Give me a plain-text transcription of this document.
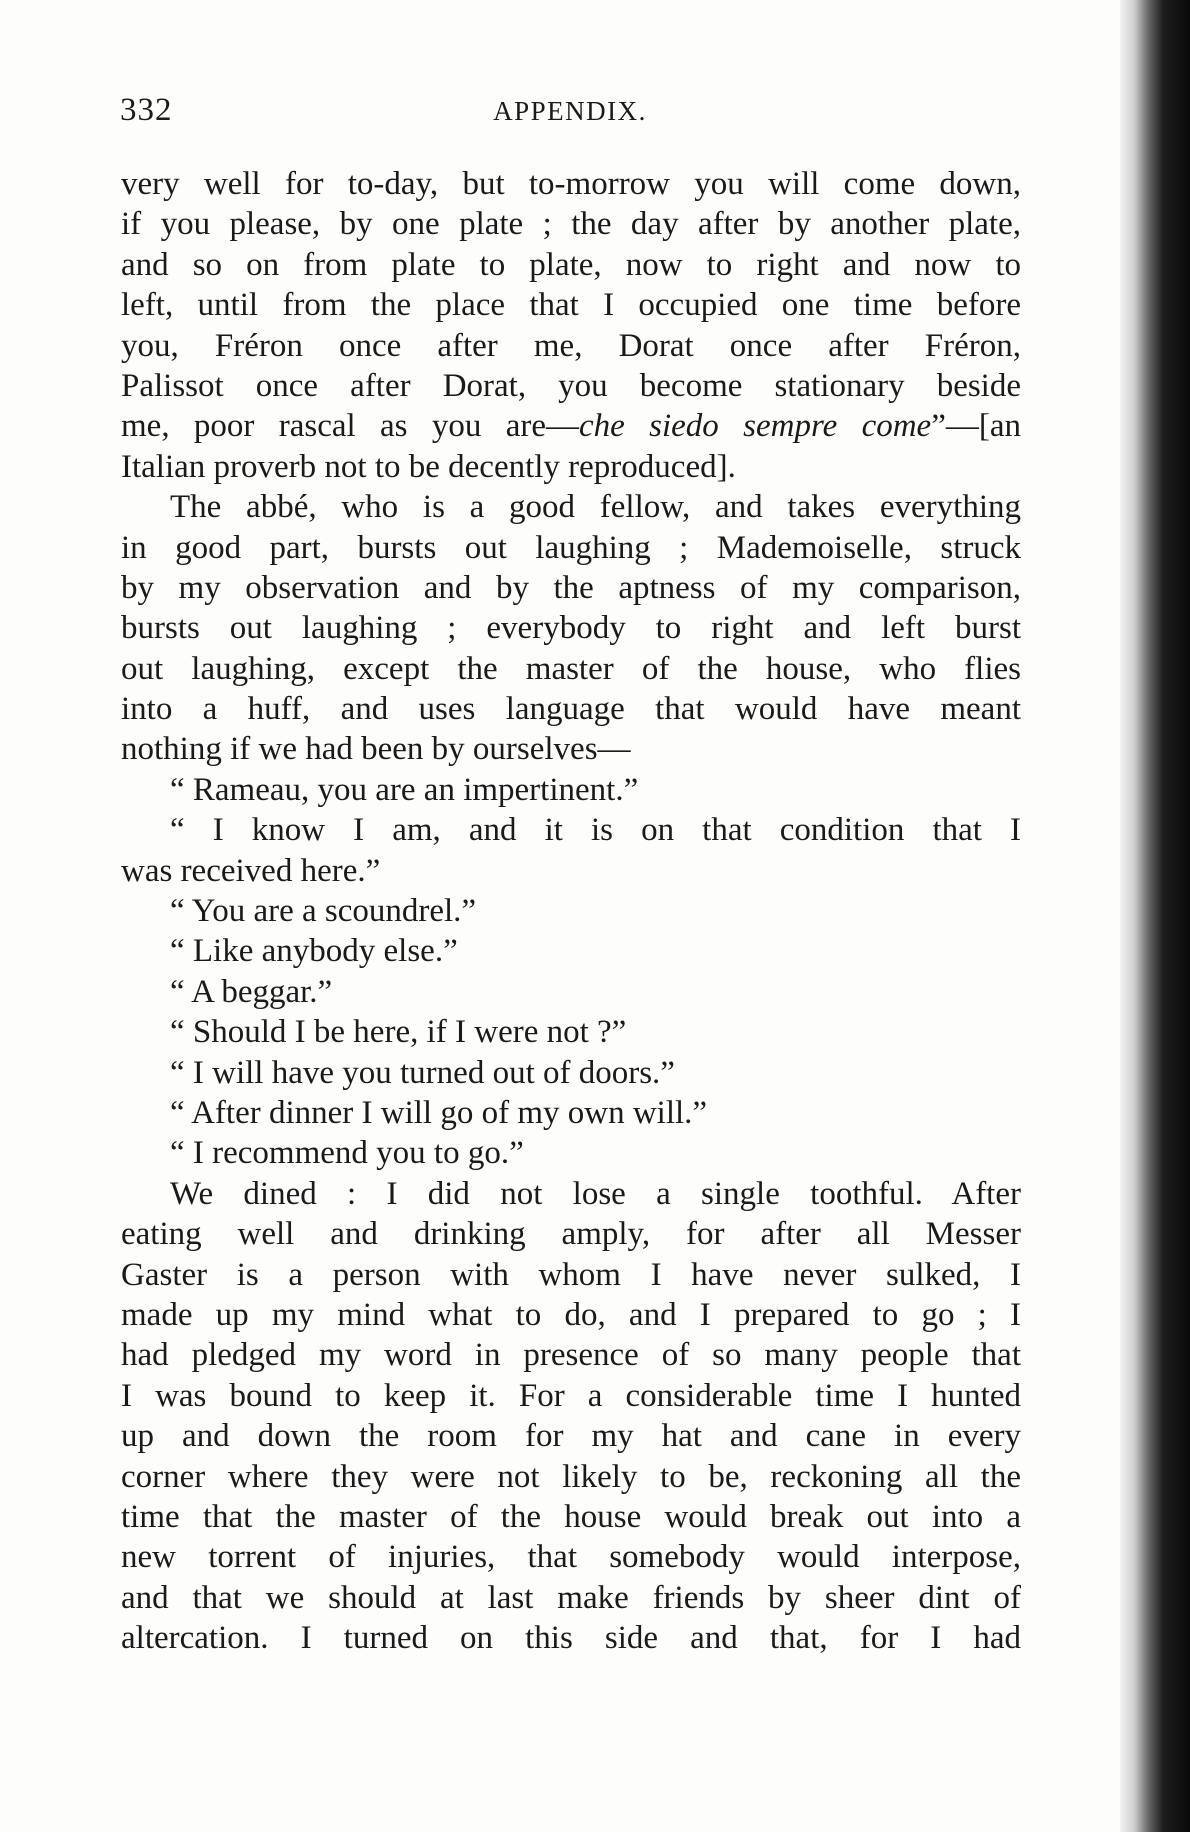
332	APPENDIX.
very well for to-day, but to-morrow you will come down,
if you please, by one plate ; the day after by another plate,
and so on from plate to plate, now to right and now to
left, until from the place that I occupied one time before
you, Fréron once after me, Dorat once after Fréron,
Palissot once after Dorat, you become stationary beside
me, poor rascal as you are—che siedo sempre come”—[an
Italian proverb not to be decently reproduced].
The abbé, who is a good fellow, and takes everything
in good part, bursts out laughing ; Mademoiselle, struck
by my observation and by the aptness of my comparison,
bursts out laughing ; everybody to right and left burst
out laughing, except the master of the house, who flies
into a huff, and uses language that would have meant
nothing if we had been by ourselves—
“ Rameau, you are an impertinent.”
“ I know I am, and it is on that condition that I
was received here.”
“ You are a scoundrel.”
“ Like anybody else.”
“ A beggar.”
“ Should I be here, if I were not ?”
“ I will have you turned out of doors.”
“ After dinner I will go of my own will.”
“ I recommend you to go.”
We dined : I did not lose a single toothful. After
eating well and drinking amply, for after all Messer
Gaster is a person with whom I have never sulked, I
made up my mind what to do, and I prepared to go ; I
had pledged my word in presence of so many people that
I was bound to keep it. For a considerable time I hunted
up and down the room for my hat and cane in every
corner where they were not likely to be, reckoning all the
time that the master of the house would break out into a
new torrent of injuries, that somebody would interpose,
and that we should at last make friends by sheer dint of
altercation. I turned on this side and that, for I had
